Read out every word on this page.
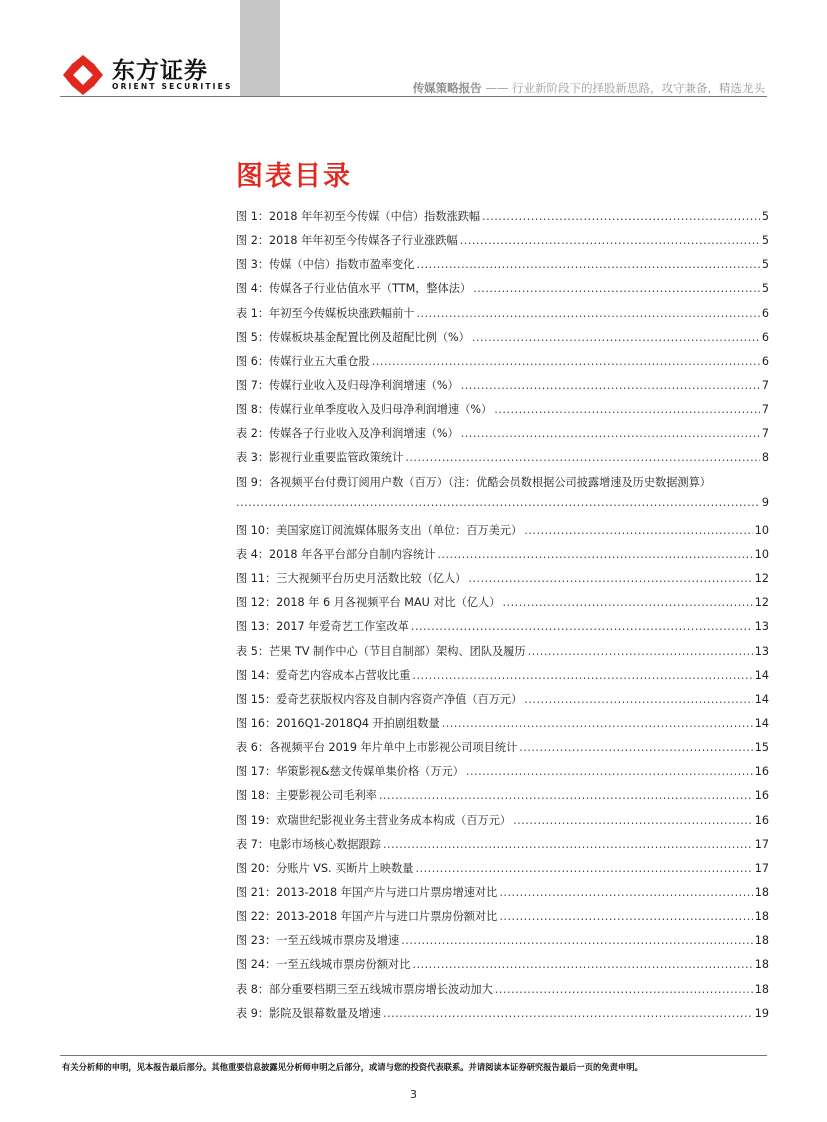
东方证券
ORIENT SECURITIES	传媒策略报告 —— 行业新阶段下的择股新思路，攻守兼备，精选龙头
图表目录
图 1：2018 年年初至今传媒（中信）指数涨跌幅 .....	5
图 2：2018 年年初至今传媒各子行业涨跌幅 .....	5
图 3：传媒（中信）指数市盈率变化 .....	5
图 4：传媒各子行业估值水平（TTM，整体法） .....	5
表 1：年初至今传媒板块涨跌幅前十 .....	6
图 5：传媒板块基金配置比例及超配比例（%） .....	6
图 6：传媒行业五大重仓股 .....	6
图 7：传媒行业收入及归母净利润增速（%） .....	7
图 8：传媒行业单季度收入及归母净利润增速（%） .....	7
表 2：传媒各子行业收入及净利润增速（%） .....	7
表 3：影视行业重要监管政策统计 .....	8
图 9：各视频平台付费订阅用户数（百万）（注：优酷会员数根据公司披露增速及历史数据测算）
.....
9
图 10：美国家庭订阅流媒体服务支出（单位：百万美元） .....	10
表 4：2018 年各平台部分自制内容统计 .....	10
图 11：三大视频平台历史月活数比较（亿人） .....	12
图 12：2018 年 6 月各视频平台 MAU 对比（亿人） .....	12
图 13：2017 年爱奇艺工作室改革 .....	13
表 5：芒果 TV 制作中心（节目自制部）架构、团队及履历 .....	13
图 14：爱奇艺内容成本占营收比重 .....	14
图 15：爱奇艺获版权内容及自制内容资产净值（百万元） .....	14
图 16：2016Q1-2018Q4 开拍剧组数量 .....	14
表 6：各视频平台 2019 年片单中上市影视公司项目统计 .....	15
图 17：华策影视&慈文传媒单集价格（万元） .....	16
图 18：主要影视公司毛利率 .....	16
图 19：欢瑞世纪影视业务主营业务成本构成（百万元） .....	16
表 7：电影市场核心数据跟踪 .....	17
图 20：分账片 VS. 买断片上映数量 .....	17
图 21：2013-2018 年国产片与进口片票房增速对比 .....	18
图 22：2013-2018 年国产片与进口片票房份额对比 .....	18
图 23：一至五线城市票房及增速 .....	18
图 24：一至五线城市票房份额对比 .....	18
表 8：部分重要档期三至五线城市票房增长波动加大 .....	18
表 9：影院及银幕数量及增速 .....	19
有关分析师的申明，见本报告最后部分。其他重要信息披露见分析师申明之后部分，或请与您的投资代表联系。并请阅读本证券研究报告最后一页的免责申明。
3
